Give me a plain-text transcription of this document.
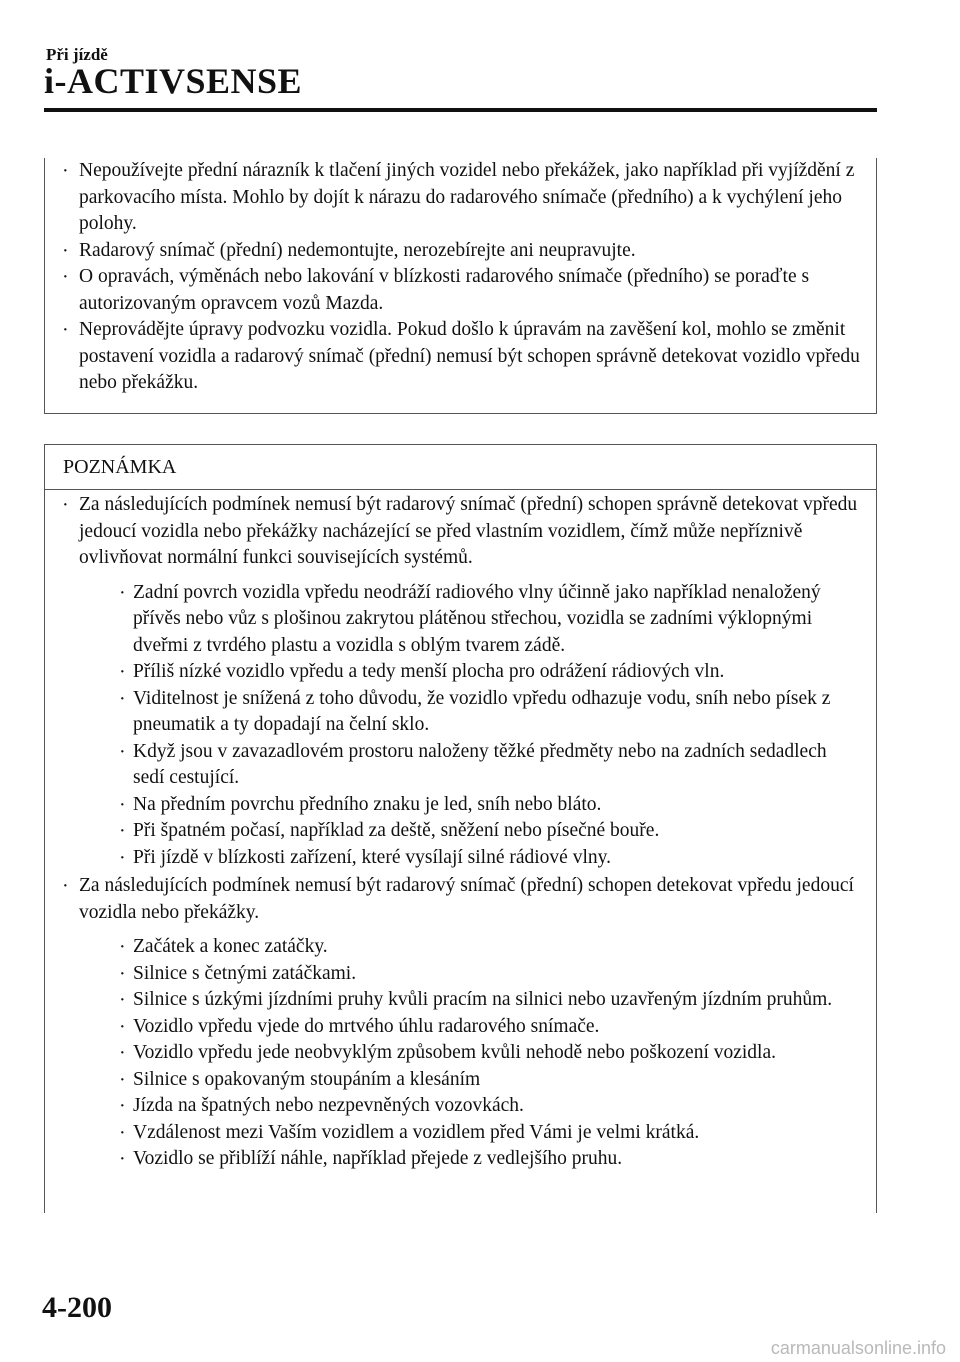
Při jízdě
i-ACTIVSENSE
· Nepoužívejte přední nárazník k tlačení jiných vozidel nebo překážek, jako například při vyjíždění z parkovacího místa. Mohlo by dojít k nárazu do radarového snímače (předního) a k vychýlení jeho polohy.
· Radarový snímač (přední) nedemontujte, nerozebírejte ani neupravujte.
· O opravách, výměnách nebo lakování v blízkosti radarového snímače (předního) se poraďte s autorizovaným opravcem vozů Mazda.
· Neprovádějte úpravy podvozku vozidla. Pokud došlo k úpravám na zavěšení kol, mohlo se změnit postavení vozidla a radarový snímač (přední) nemusí být schopen správně detekovat vozidlo vpředu nebo překážku.
POZNÁMKA
· Za následujících podmínek nemusí být radarový snímač (přední) schopen správně detekovat vpředu jedoucí vozidla nebo překážky nacházející se před vlastním vozidlem, čímž může nepříznivě ovlivňovat normální funkci souvisejících systémů.
· Zadní povrch vozidla vpředu neodráží radiového vlny účinně jako například nenaložený přívěs nebo vůz s plošinou zakrytou plátěnou střechou, vozidla se zadními výklopnými dveřmi z tvrdého plastu a vozidla s oblým tvarem zádě.
· Příliš nízké vozidlo vpředu a tedy menší plocha pro odrážení rádiových vln.
· Viditelnost je snížená z toho důvodu, že vozidlo vpředu odhazuje vodu, sníh nebo písek z pneumatik a ty dopadají na čelní sklo.
· Když jsou v zavazadlovém prostoru naloženy těžké předměty nebo na zadních sedadlech sedí cestující.
· Na předním povrchu předního znaku je led, sníh nebo bláto.
· Při špatném počasí, například za deště, sněžení nebo písečné bouře.
· Při jízdě v blízkosti zařízení, které vysílají silné rádiové vlny.
· Za následujících podmínek nemusí být radarový snímač (přední) schopen detekovat vpředu jedoucí vozidla nebo překážky.
· Začátek a konec zatáčky.
· Silnice s četnými zatáčkami.
· Silnice s úzkými jízdními pruhy kvůli pracím na silnici nebo uzavřeným jízdním pruhům.
· Vozidlo vpředu vjede do mrtvého úhlu radarového snímače.
· Vozidlo vpředu jede neobvyklým způsobem kvůli nehodě nebo poškození vozidla.
· Silnice s opakovaným stoupáním a klesáním
· Jízda na špatných nebo nezpevněných vozovkách.
· Vzdálenost mezi Vaším vozidlem a vozidlem před Vámi je velmi krátká.
· Vozidlo se přiblíží náhle, například přejede z vedlejšího pruhu.
4-200
carmanualsonline.info
